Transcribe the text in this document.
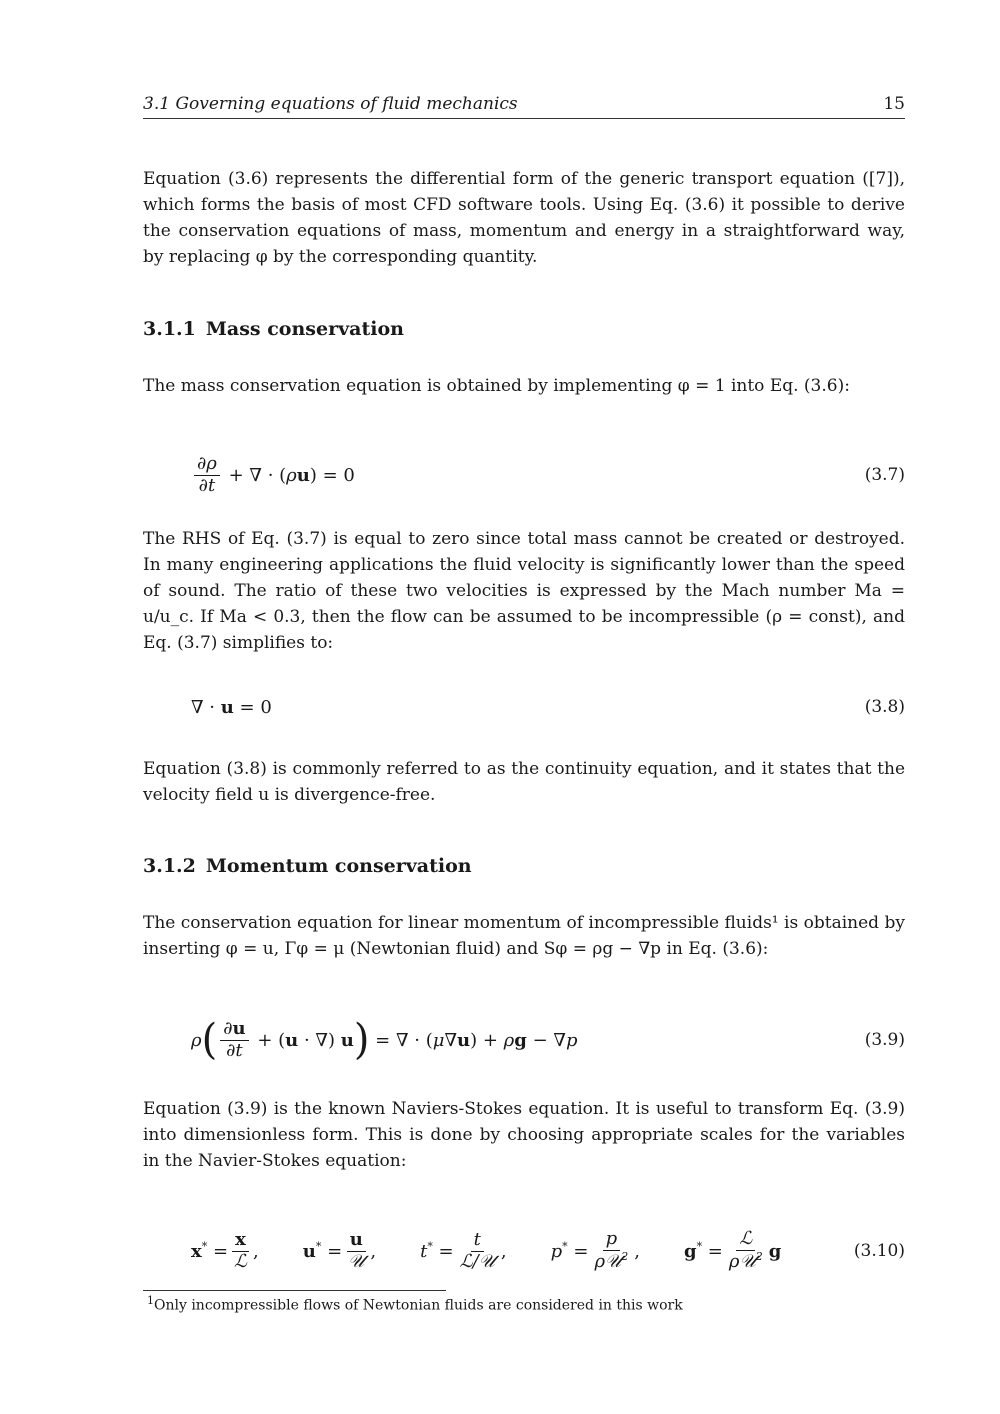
3.1 Governing equations of fluid mechanics	15
Equation (3.6) represents the differential form of the generic transport equation ([7]), which forms the basis of most CFD software tools. Using Eq. (3.6) it possible to derive the conservation equations of mass, momentum and energy in a straightforward way, by replacing φ by the corresponding quantity.
3.1.1 Mass conservation
The mass conservation equation is obtained by implementing φ = 1 into Eq. (3.6):
$\frac{\partial\rho}{\partial t}$ + ∇ · (ρu) = 0	(3.7)
The RHS of Eq. (3.7) is equal to zero since total mass cannot be created or destroyed. In many engineering applications the fluid velocity is significantly lower than the speed of sound. The ratio of these two velocities is expressed by the Mach number Ma = u/u_c. If Ma < 0.3, then the flow can be assumed to be incompressible (ρ = const), and Eq. (3.7) simplifies to:
∇ · u = 0	(3.8)
Equation (3.8) is commonly referred to as the continuity equation, and it states that the velocity field u is divergence-free.
3.1.2 Momentum conservation
The conservation equation for linear momentum of incompressible fluids¹ is obtained by inserting φ = u, Γφ = μ (Newtonian fluid) and Sφ = ρg − ∇p in Eq. (3.6):
ρ ( $\frac{\partial u}{\partial t} + (u$ · ∇) u ) = ∇ · (μ∇u) + ρg − ∇p	(3.9)
Equation (3.9) is the known Naviers-Stokes equation. It is useful to transform Eq. (3.9) into dimensionless form. This is done by choosing appropriate scales for the variables in the Navier-Stokes equation:
$x^* = \frac{x}{\text{ℒ}}$ , $u^* = \frac{u}{\text{𝒰}}$ , $t^* = \frac{t}{\text{ℒ/𝒰}}$ , $p^* = \frac{p}{\rho 𝒰^2}$ , $g^* = \frac{\text{ℒ}}{\rho 𝒰^2}$ g	(3.10)
$^1$Only incompressible flows of Newtonian fluids are considered in this work
